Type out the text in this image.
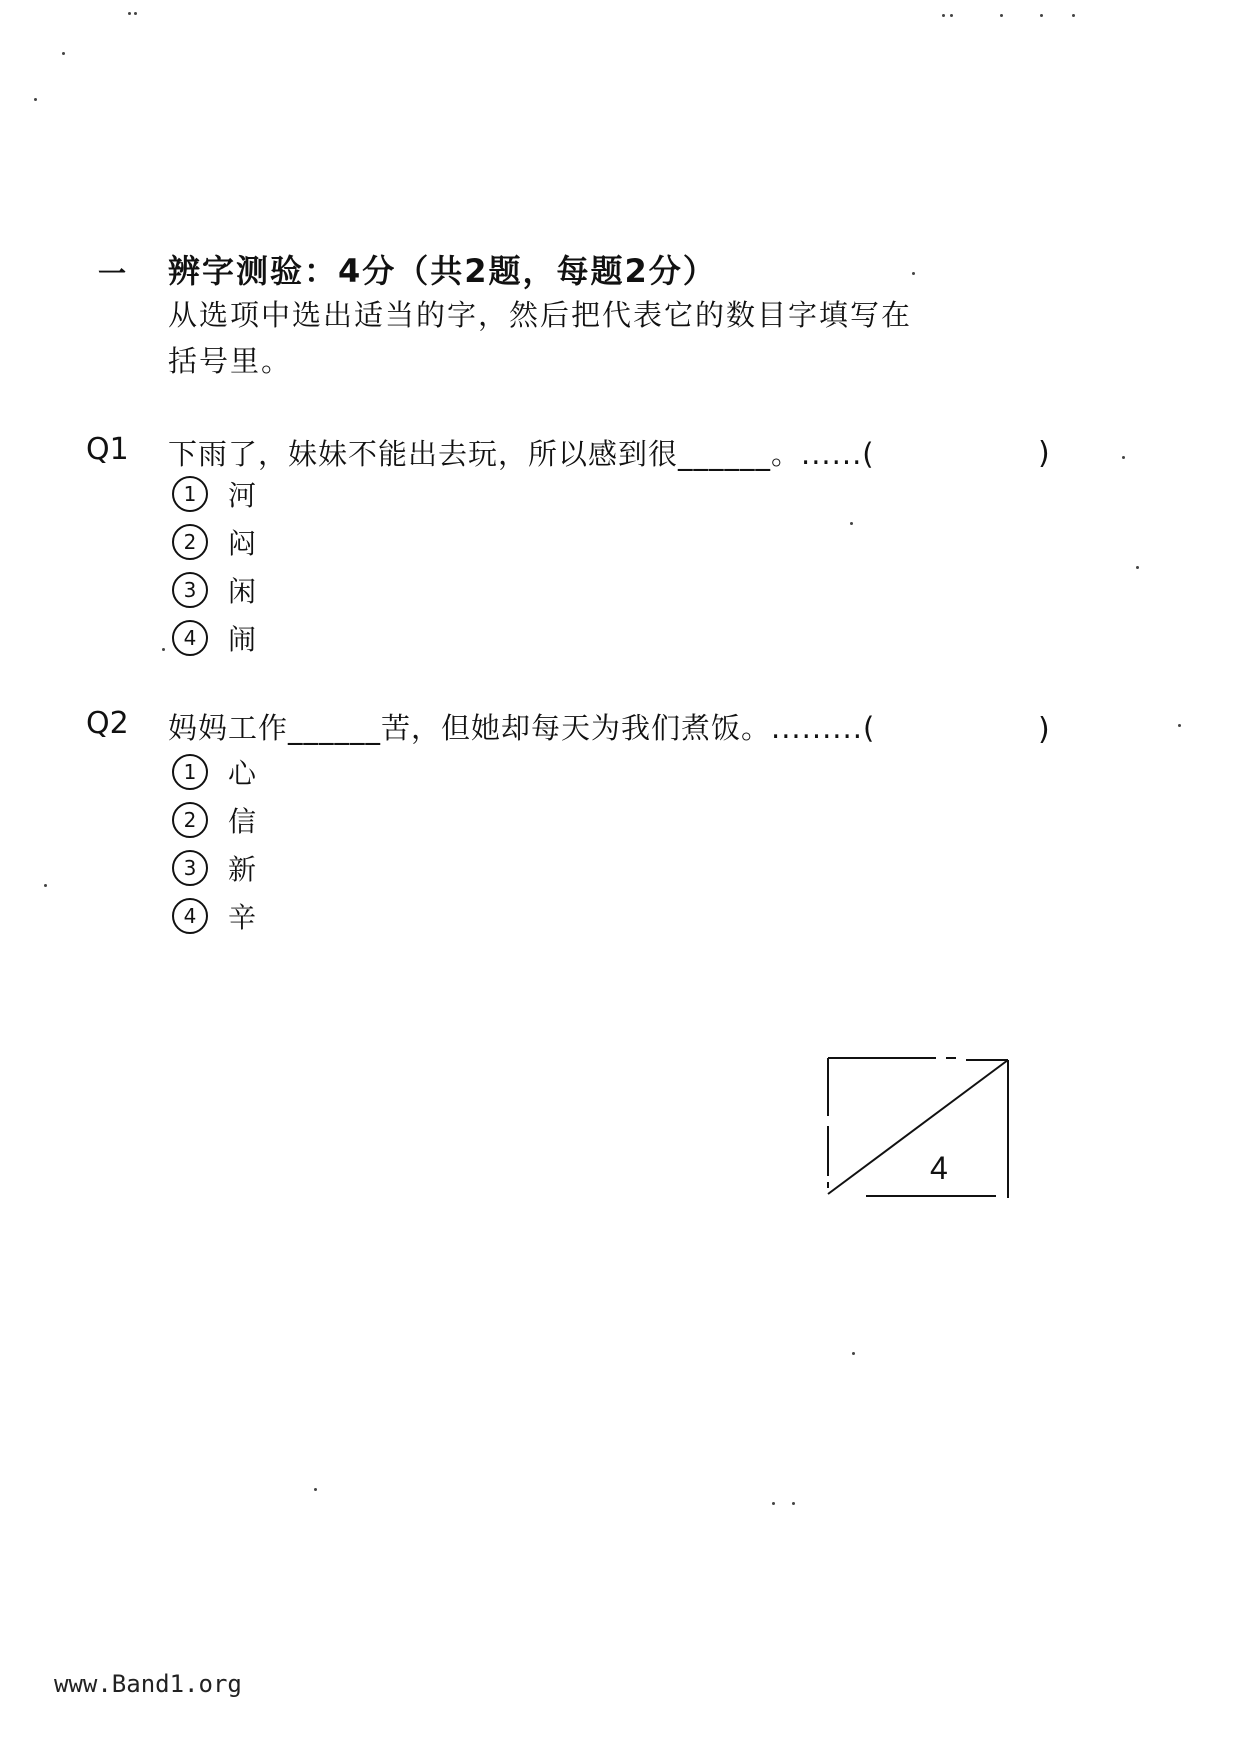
一 辨字测验：4分（共2题，每题2分）
从选项中选出适当的字，然后把代表它的数目字填写在
括号里。
Q1 下雨了，妹妹不能出去玩，所以感到很______。......(	)
1	河
2	闷
3	闲
4	闹
Q2 妈妈工作______苦，但她却每天为我们煮饭。.........(	)
1	心
2	信
3	新
4	辛
4
www.Band1.org
